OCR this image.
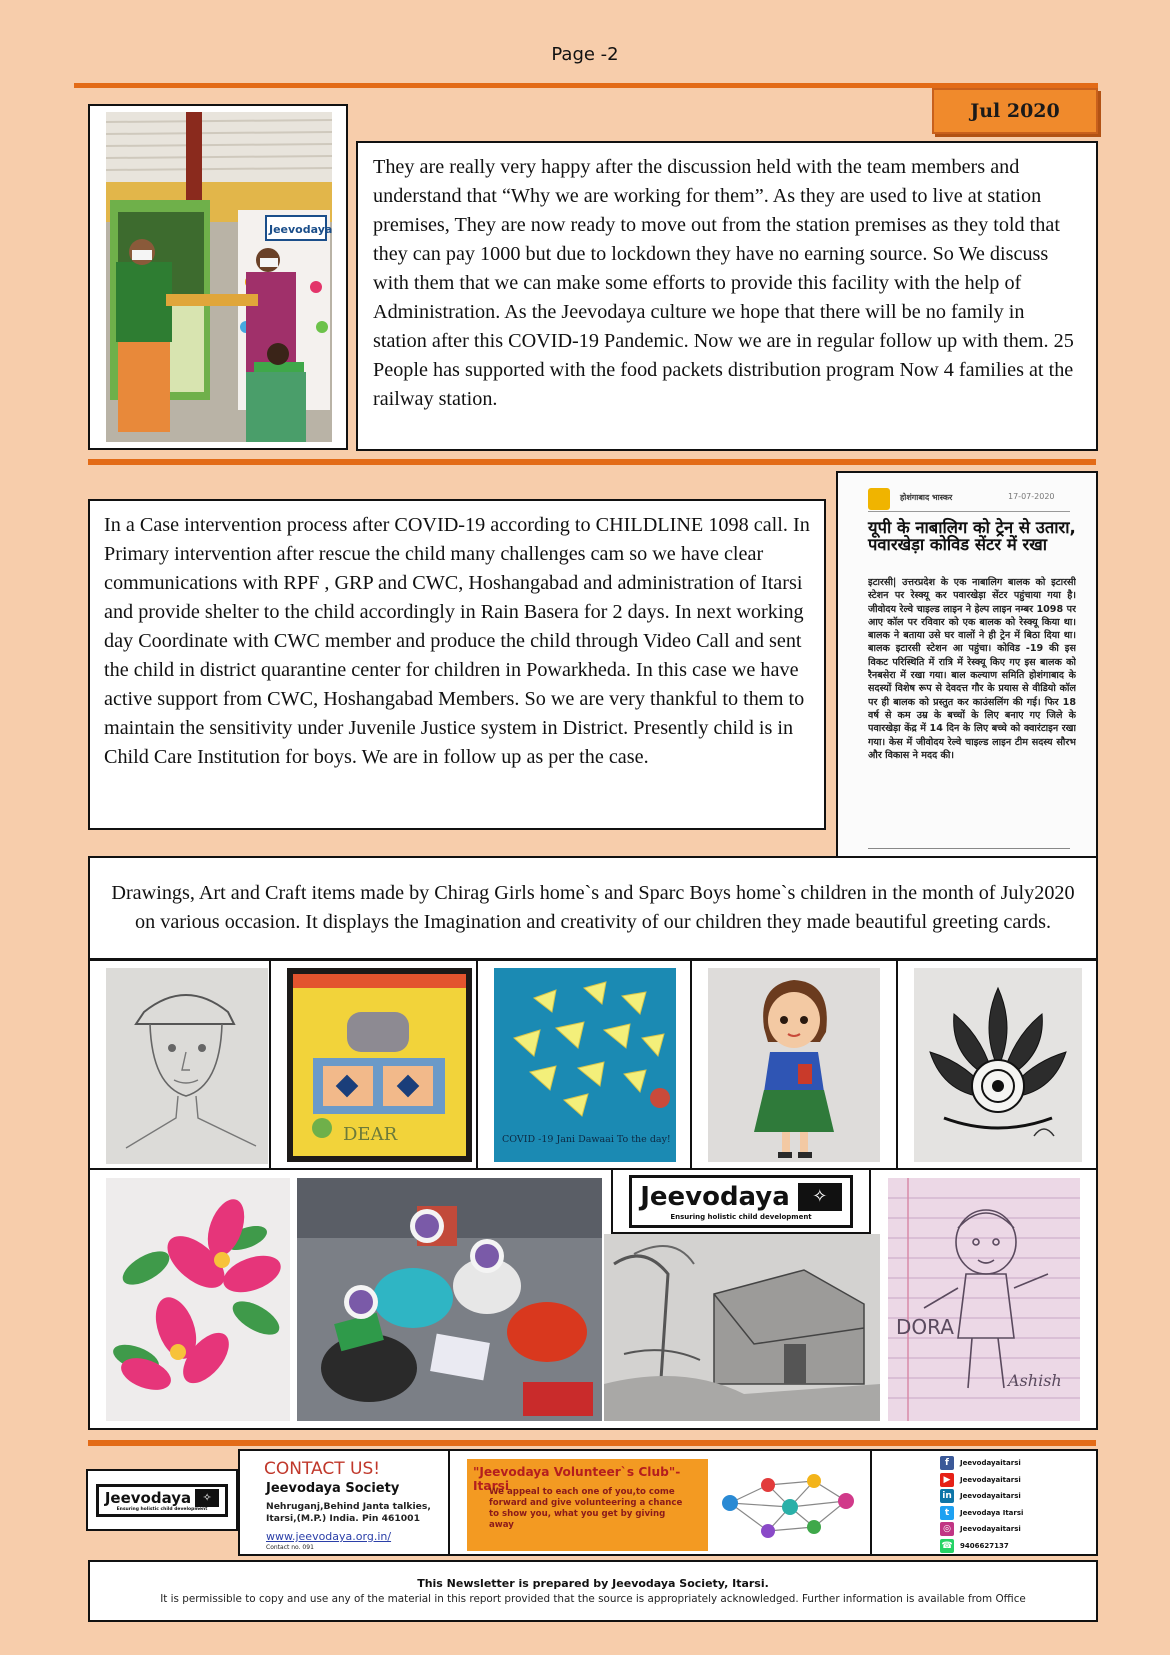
Page -2
Jul 2020
Jeevodaya

They are really very happy after the discussion held with the team members and understand that “Why we are working for them”. As they are used to live at station premises, They are now ready to move out from the station premises as they told that they can pay 1000 but due to lockdown they have no earning source. So We discuss with them that we can make some efforts to provide this facility with the help of Administration. As the Jeevodaya culture we hope that there will be no family in station after this COVID-19 Pandemic. Now we are in regular follow up with them. 25 People has supported with the food packets distribution program Now 4 families at the railway station.

In a Case intervention process after COVID-19 according to CHILDLINE 1098 call. In Primary intervention after rescue the child many challenges cam so we have clear communications with RPF , GRP and CWC, Hoshangabad and administration of Itarsi and provide shelter to the child accordingly in Rain Basera for 2 days. In next working day Coordinate with CWC member and produce the child through Video Call and sent the child in district quarantine center for children in Powarkheda. In this case we have active support from CWC, Hoshangabad Members. So we are very thankful to them to maintain the sensitivity under Juvenile Justice system in District. Presently child is in Child Care Institution for boys. We are in follow up as per the case.

होशंगाबाद भास्कर	17-07-2020
यूपी के नाबालिग को ट्रेन से उतारा, पवारखेड़ा कोविड सेंटर में रखा
इटारसी| उत्तरप्रदेश के एक नाबालिग बालक को इटारसी स्टेशन पर रेस्क्यू कर पवारखेड़ा सेंटर पहुंचाया गया है। जीवोदय रेल्वे चाइल्ड लाइन ने हेल्प लाइन नम्बर 1098 पर आए कॉल पर रविवार को एक बालक को रेस्क्यू किया था। बालक ने बताया उसे घर वालों ने ही ट्रेन में बिठा दिया था। बालक इटारसी स्टेशन आ पहुंचा। कोविड -19 की इस विकट परिस्थिति में रात्रि में रेस्क्यू किए गए इस बालक को रैनबसेरा में रखा गया। बाल कल्याण समिति होशंगाबाद के सदस्यों विशेष रूप से देवदत्त गौर के प्रयास से वीडियो कॉल पर ही बालक को प्रस्तुत कर काउंसलिंग की गई। फिर 18 वर्ष से कम उम्र के बच्चों के लिए बनाए गए जिले के पवारखेड़ा केंद्र में 14 दिन के लिए बच्चे को क्वारंटाइन रखा गया। केस में जीवोदय रेल्वे चाइल्ड लाइन टीम सदस्य सौरभ और विकास ने मदद की।

Drawings, Art and Craft items made by Chirag Girls home`s and Sparc Boys home`s children in the month of July2020 on various occasion. It displays the Imagination and creativity of our children they made beautiful greeting cards.

DEAR	COVID -19 Jani Dawaai To the day!
Jeevodaya	✧
Ensuring holistic child development
DORA
Ashish
Jeevodaya	✧
Ensuring holistic child development
CONTACT US!
Jeevodaya Society
Nehruganj,Behind Janta talkies,
Itarsi,(M.P.) India. Pin 461001
www.jeevodaya.org.in/
Contact no. 091
"Jeevodaya Volunteer`s Club"-Itarsi
We appeal to each one of you,to come forward and give volunteering a chance to show you, what you get by giving away
f	Jeevodayaitarsi
▶	Jeevodayaitarsi
in	Jeevodayaitarsi
t	Jeevodaya Itarsi
◎	Jeevodayaitarsi
☎ 9406627137
This Newsletter is prepared by Jeevodaya Society, Itarsi.
It is permissible to copy and use any of the material in this report provided that the source is appropriately acknowledged. Further information is available from Office
